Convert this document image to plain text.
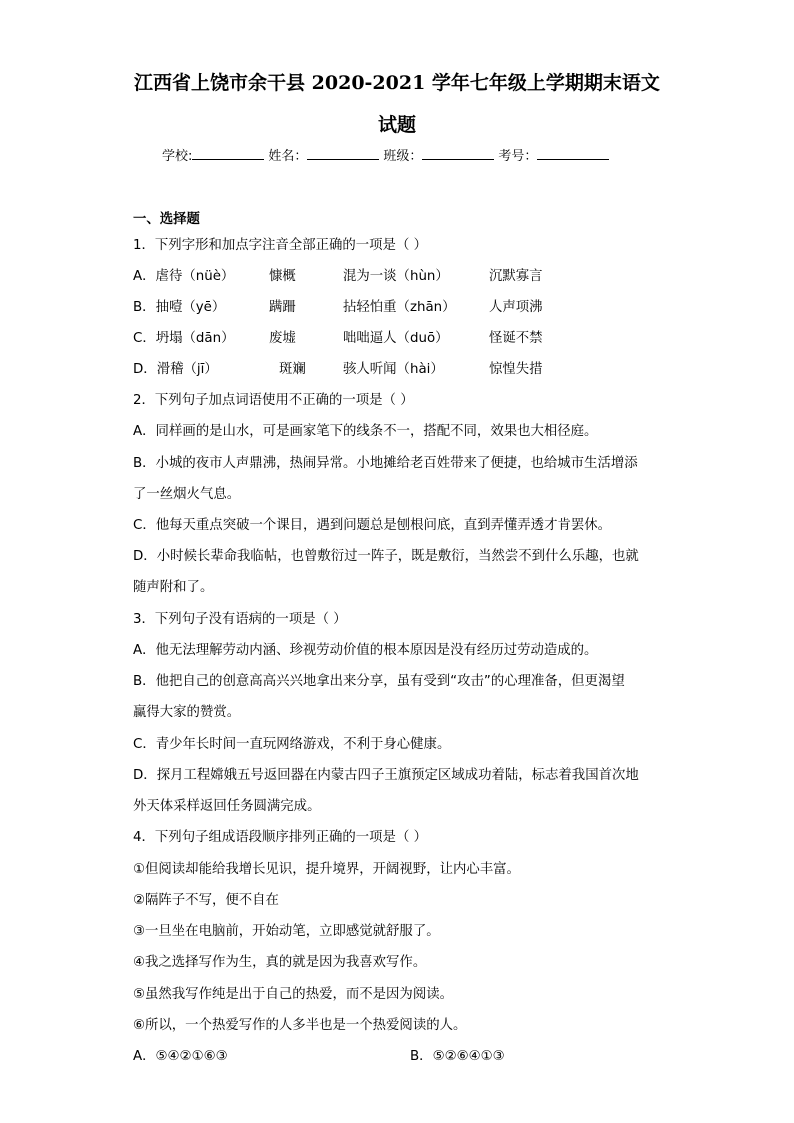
江西省上饶市余干县 2020-2021 学年七年级上学期期末语文
试题
学校:	姓名：	班级：	考号：
一、选择题
1．下列字形和加点字注音全部正确的一项是（ ）
A．虐待（nüè）	慷概	混为一谈（hùn）	沉默寡言
B．抽噎（yē）	蹒跚	拈轻怕重（zhān） 人声项沸
C．坍塌（dān）	废墟	咄咄逼人（duō）	怪诞不禁
D．滑稽（jī）	斑斓	骇人听闻（hài）	惊惶失措
2．下列句子加点词语使用不正确的一项是（ ）
A．同样画的是山水，可是画家笔下的线条不一，搭配不同，效果也大相径庭。
B．小城的夜市人声鼎沸，热闹异常。小地摊给老百姓带来了便捷，也给城市生活增添
了一丝烟火气息。
C．他每天重点突破一个课目，遇到问题总是刨根问底，直到弄懂弄透才肯罢休。
D．小时候长辈命我临帖，也曾敷衍过一阵子，既是敷衍，当然尝不到什么乐趣，也就
随声附和了。
3．下列句子没有语病的一项是（ ）
A．他无法理解劳动内涵、珍视劳动价值的根本原因是没有经历过劳动造成的。
B．他把自己的创意高高兴兴地拿出来分享，虽有受到“攻击”的心理准备，但更渴望
赢得大家的赞赏。
C．青少年长时间一直玩网络游戏，不利于身心健康。
D．探月工程嫦娥五号返回器在内蒙古四子王旗预定区域成功着陆，标志着我国首次地
外天体采样返回任务圆满完成。
4．下列句子组成语段顺序排列正确的一项是（ ）
①但阅读却能给我增长见识，提升境界，开阔视野，让内心丰富。
②隔阵子不写，便不自在
③一旦坐在电脑前，开始动笔，立即感觉就舒服了。
④我之选择写作为生，真的就是因为我喜欢写作。
⑤虽然我写作纯是出于自己的热爱，而不是因为阅读。
⑥所以，一个热爱写作的人多半也是一个热爱阅读的人。
A．⑤④②①⑥③	B．⑤②⑥④①③
